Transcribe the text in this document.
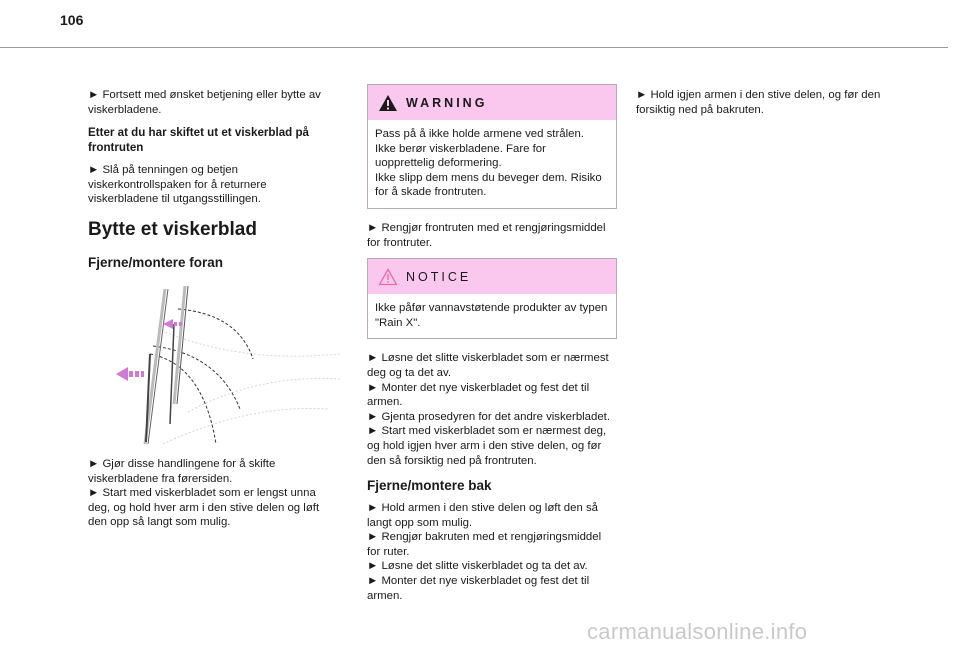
106

► Fortsett med ønsket betjening eller bytte av
viskerbladene.

Etter at du har skiftet ut et viskerblad på
frontruten

► Slå på tenningen og betjen
viskerkontrollspaken for å returnere
viskerbladene til utgangsstillingen.

Bytte et viskerblad
Fjerne/montere foran

► Gjør disse handlingene for å skifte
viskerbladene fra førersiden.
► Start med viskerbladet som er lengst unna
deg, og hold hver arm i den stive delen og løft
den opp så langt som mulig.

WARNING

Pass på å ikke holde armene ved strålen.
Ikke berør viskerbladene. Fare for
uopprettelig deformering.
Ikke slipp dem mens du beveger dem. Risiko
for å skade frontruten.

► Rengjør frontruten med et rengjøringsmiddel
for frontruter.

NOTICE

Ikke påfør vannavstøtende produkter av typen
"Rain X".

► Løsne det slitte viskerbladet som er nærmest
deg og ta det av.
► Monter det nye viskerbladet og fest det til
armen.
► Gjenta prosedyren for det andre viskerbladet.
► Start med viskerbladet som er nærmest deg,
og hold igjen hver arm i den stive delen, og før
den så forsiktig ned på frontruten.

Fjerne/montere bak

► Hold armen i den stive delen og løft den så
langt opp som mulig.
► Rengjør bakruten med et rengjøringsmiddel
for ruter.
► Løsne det slitte viskerbladet og ta det av.
► Monter det nye viskerbladet og fest det til
armen.

► Hold igjen armen i den stive delen, og før den
forsiktig ned på bakruten.

carmanualsonline.info
